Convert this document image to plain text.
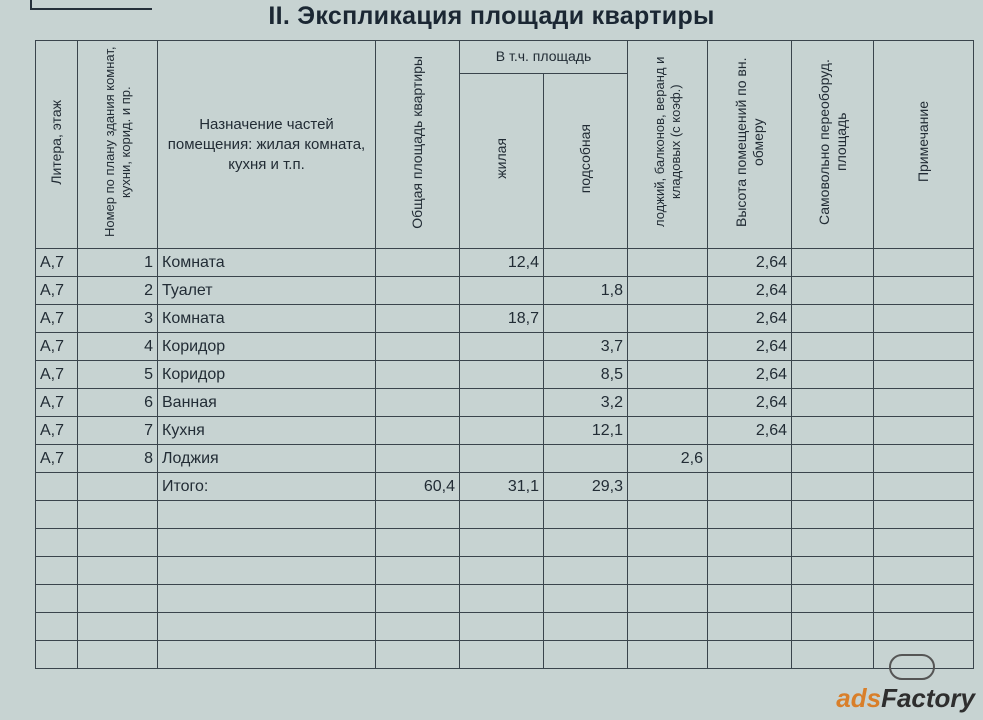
II. Экспликация площади квартиры
Литера, этаж	Номер по плану здания комнат, кухни, корид. и пр.	Назначение частей помещения: жилая комната, кухня и т.п.	Общая площадь квартиры	В т.ч. площадь		лоджий, балконов, веранд и кладовых (с коэф.)	Высота помещений по вн. обмеру	Самовольно переоборуд. площадь	Примечание
				жилая	подсобная				
А,7	1	Комната		12,4			2,64		
А,7	2	Туалет			1,8		2,64		
А,7	3	Комната		18,7			2,64		
А,7	4	Коридор			3,7		2,64		
А,7	5	Коридор			8,5		2,64		
А,7	6	Ванная			3,2		2,64		
А,7	7	Кухня			12,1		2,64		
А,7	8	Лоджия				2,6			
		Итого:	60,4	31,1	29,3				

adsFactory
